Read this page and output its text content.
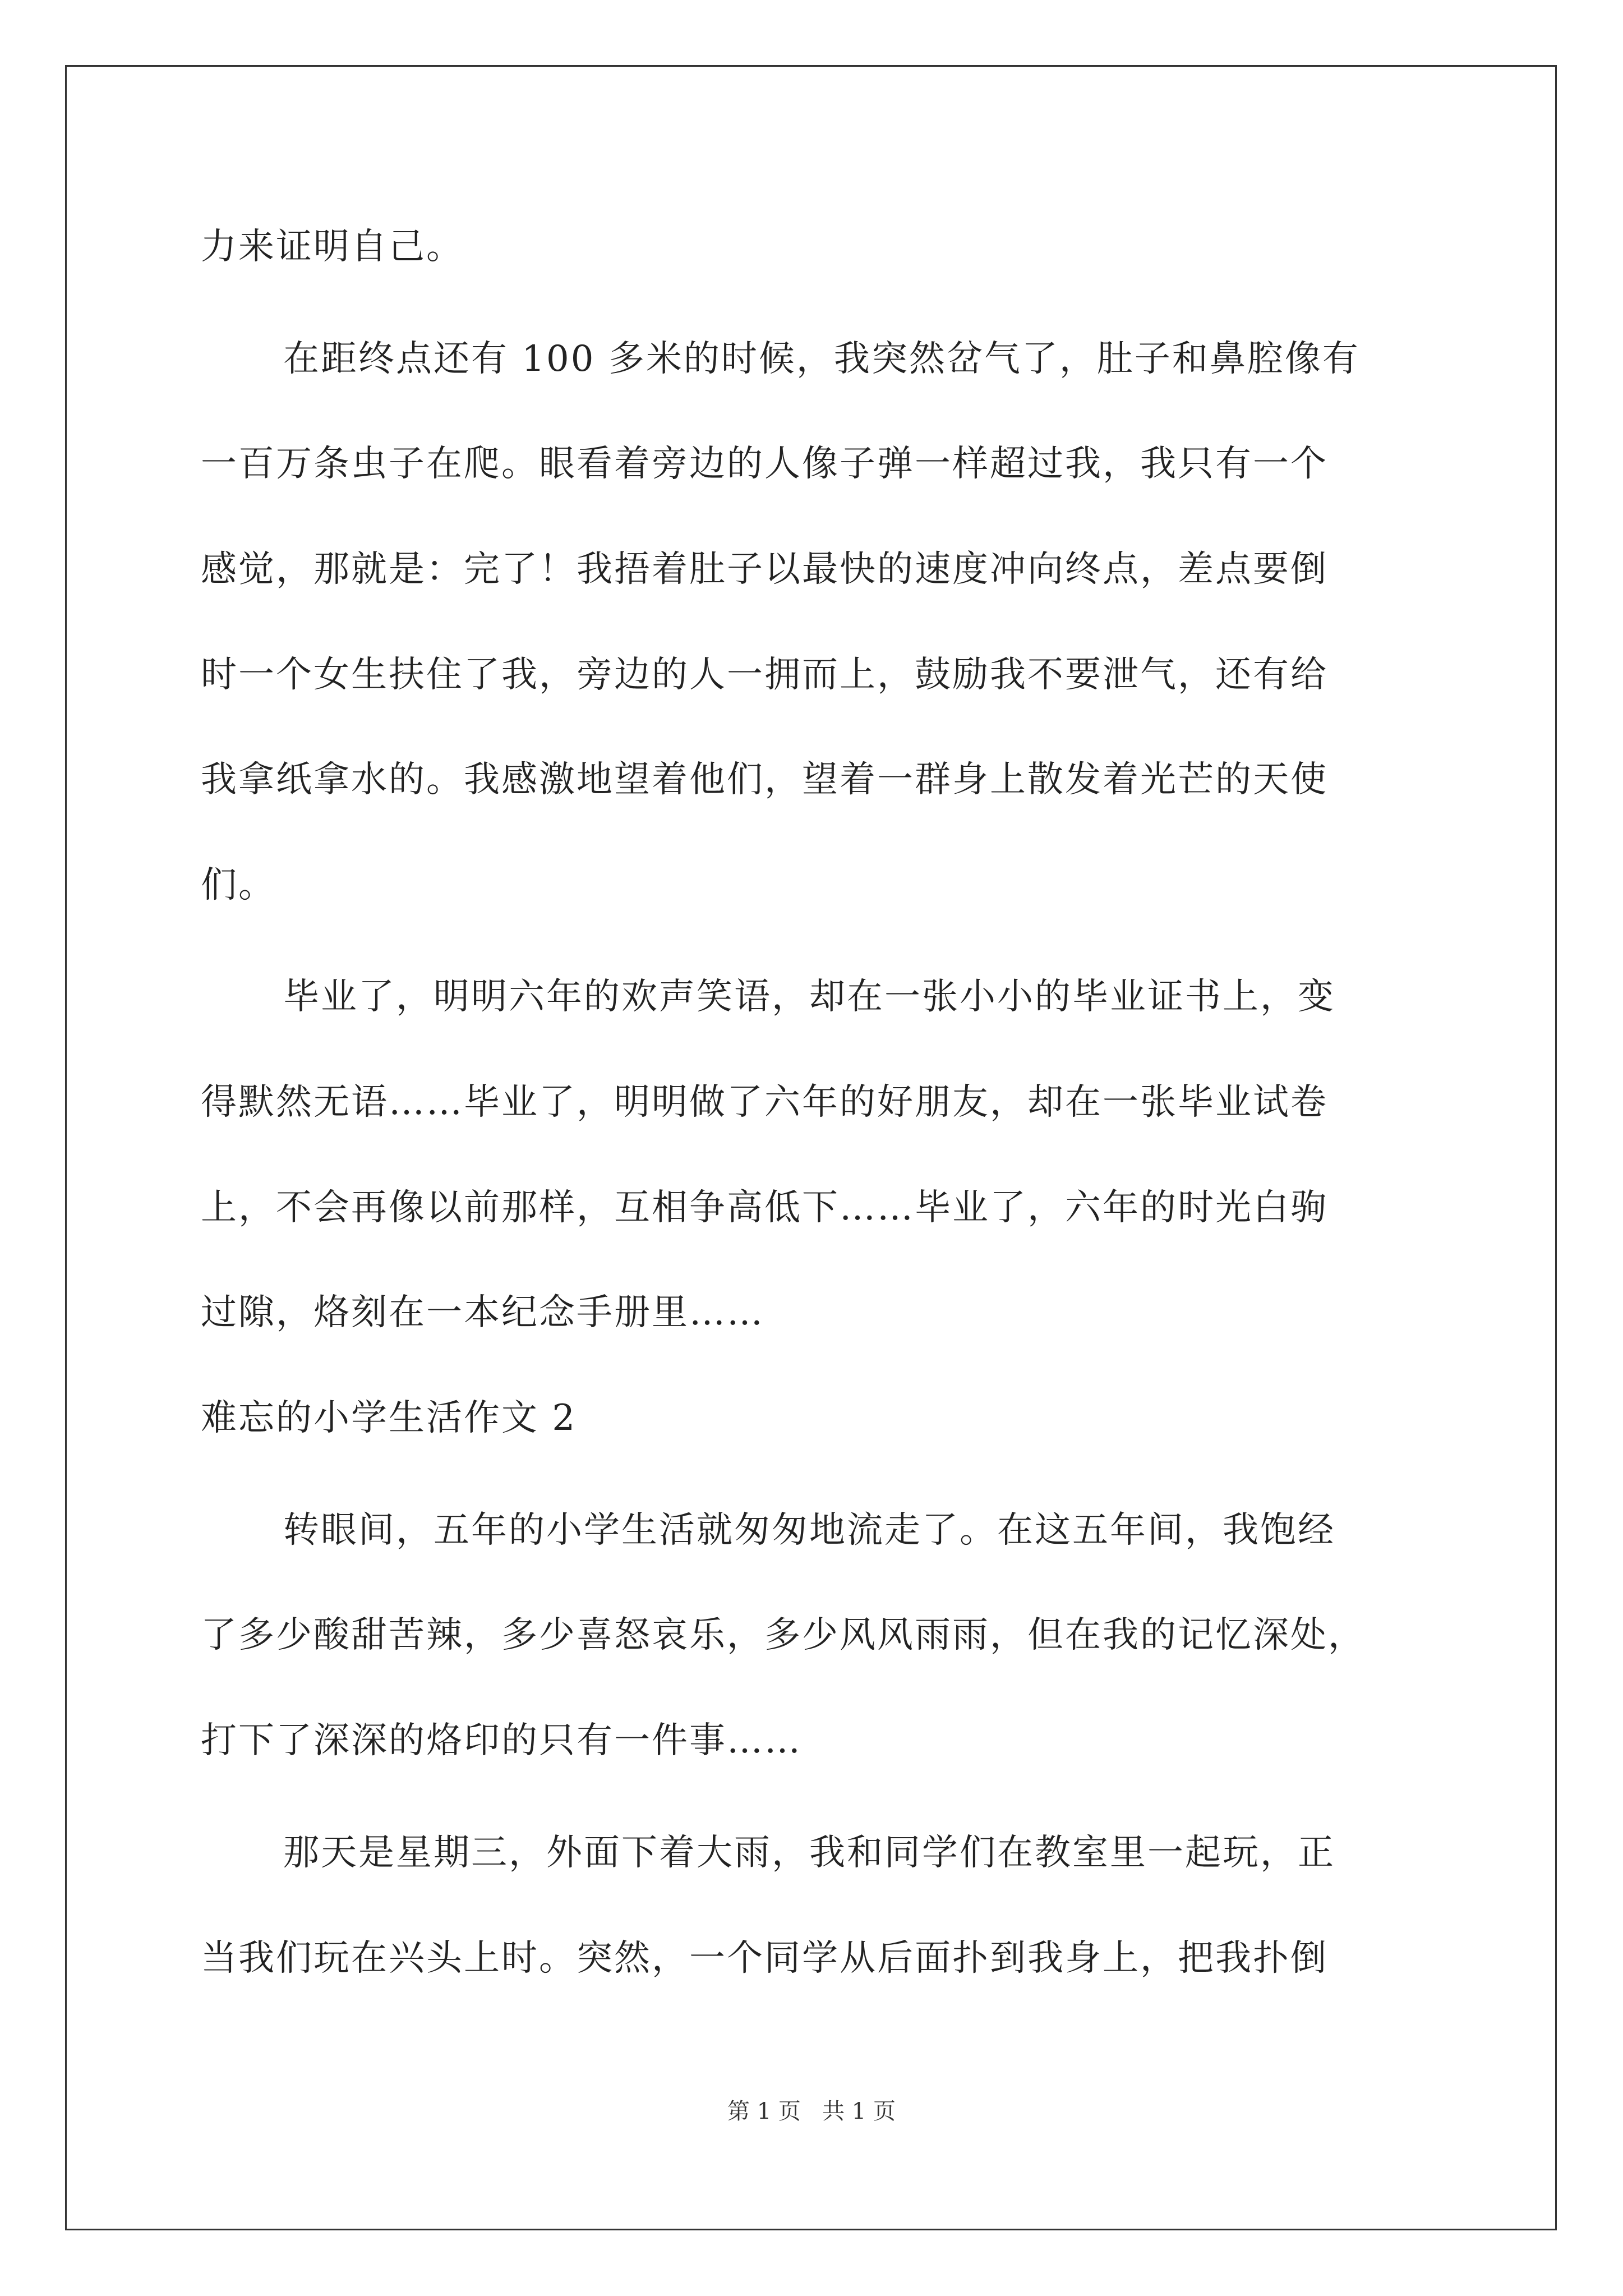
力来证明自己。
在距终点还有 100 多米的时候，我突然岔气了，肚子和鼻腔像有
一百万条虫子在爬。眼看着旁边的人像子弹一样超过我，我只有一个
感觉，那就是：完了！我捂着肚子以最快的速度冲向终点，差点要倒
时一个女生扶住了我，旁边的人一拥而上，鼓励我不要泄气，还有给
我拿纸拿水的。我感激地望着他们，望着一群身上散发着光芒的天使
们。
毕业了，明明六年的欢声笑语，却在一张小小的毕业证书上，变
得默然无语……毕业了，明明做了六年的好朋友，却在一张毕业试卷
上，不会再像以前那样，互相争高低下……毕业了，六年的时光白驹
过隙，烙刻在一本纪念手册里……
难忘的小学生活作文 2
转眼间，五年的小学生活就匆匆地流走了。在这五年间，我饱经
了多少酸甜苦辣，多少喜怒哀乐，多少风风雨雨，但在我的记忆深处，
打下了深深的烙印的只有一件事……
那天是星期三，外面下着大雨，我和同学们在教室里一起玩，正
当我们玩在兴头上时。突然，一个同学从后面扑到我身上，把我扑倒
第 1 页   共 1 页
